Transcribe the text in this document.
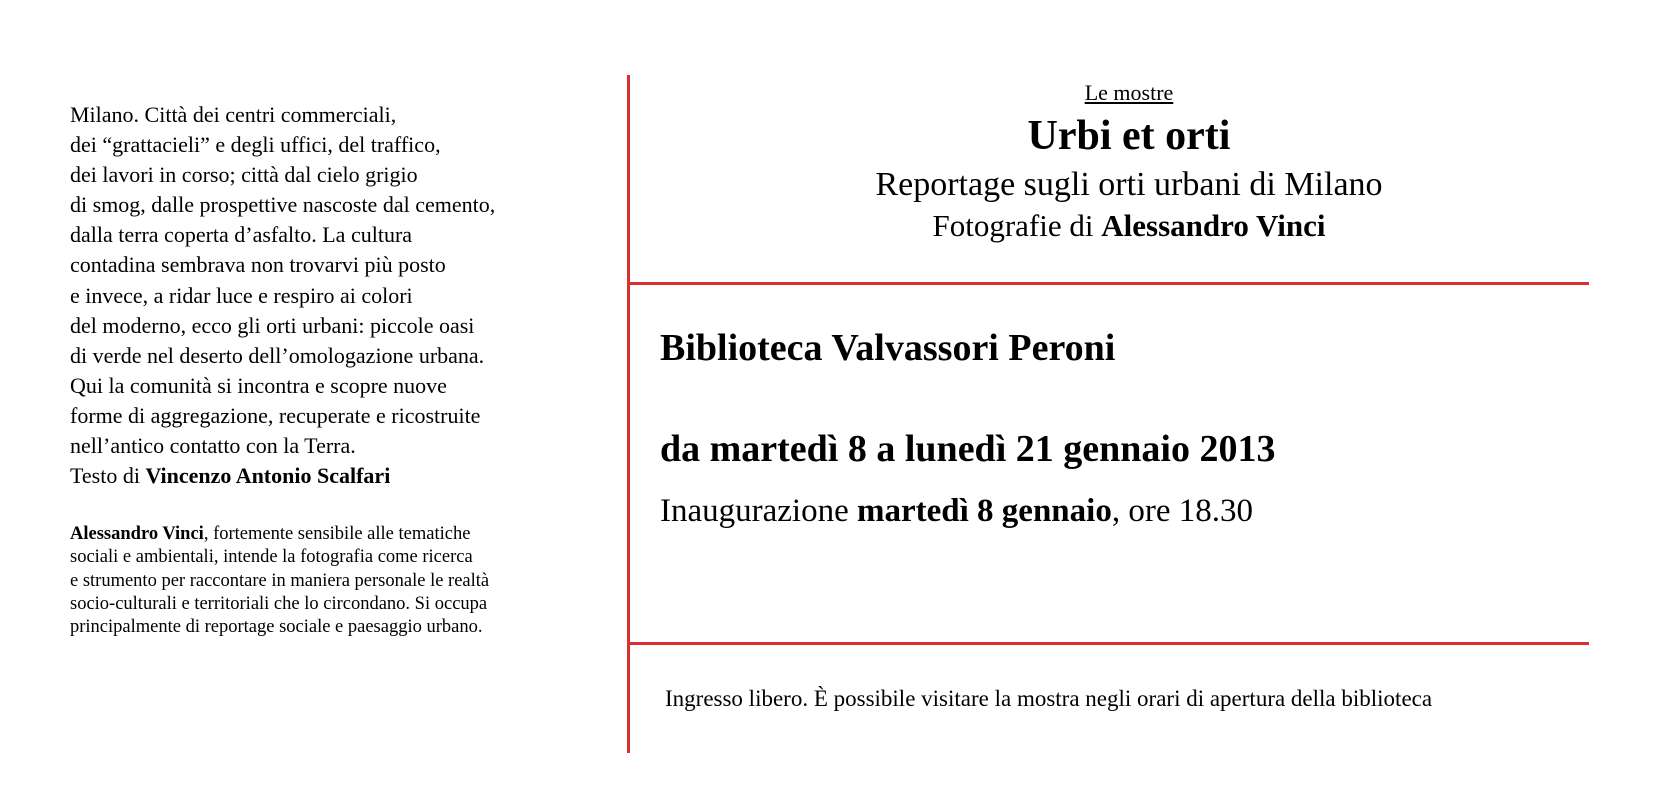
Milano. Città dei centri commerciali,
dei “grattacieli” e degli uffici, del traffico,
dei lavori in corso; città dal cielo grigio
di smog, dalle prospettive nascoste dal cemento,
dalla terra coperta d’asfalto. La cultura
contadina sembrava non trovarvi più posto
e invece, a ridar luce e respiro ai colori
del moderno, ecco gli orti urbani: piccole oasi
di verde nel deserto dell’omologazione urbana.
Qui la comunità si incontra e scopre nuove
forme di aggregazione, recuperate e ricostruite
nell’antico contatto con la Terra.
Testo di Vincenzo Antonio Scalfari
Alessandro Vinci, fortemente sensibile alle tematiche
sociali e ambientali, intende la fotografia come ricerca
e strumento per raccontare in maniera personale le realtà
socio-culturali e territoriali che lo circondano. Si occupa
principalmente di reportage sociale e paesaggio urbano.
Le mostre
Urbi et orti
Reportage sugli orti urbani di Milano
Fotografie di Alessandro Vinci
Biblioteca Valvassori Peroni
da martedì 8 a lunedì 21 gennaio 2013
Inaugurazione martedì 8 gennaio, ore 18.30
Ingresso libero. È possibile visitare la mostra negli orari di apertura della biblioteca
